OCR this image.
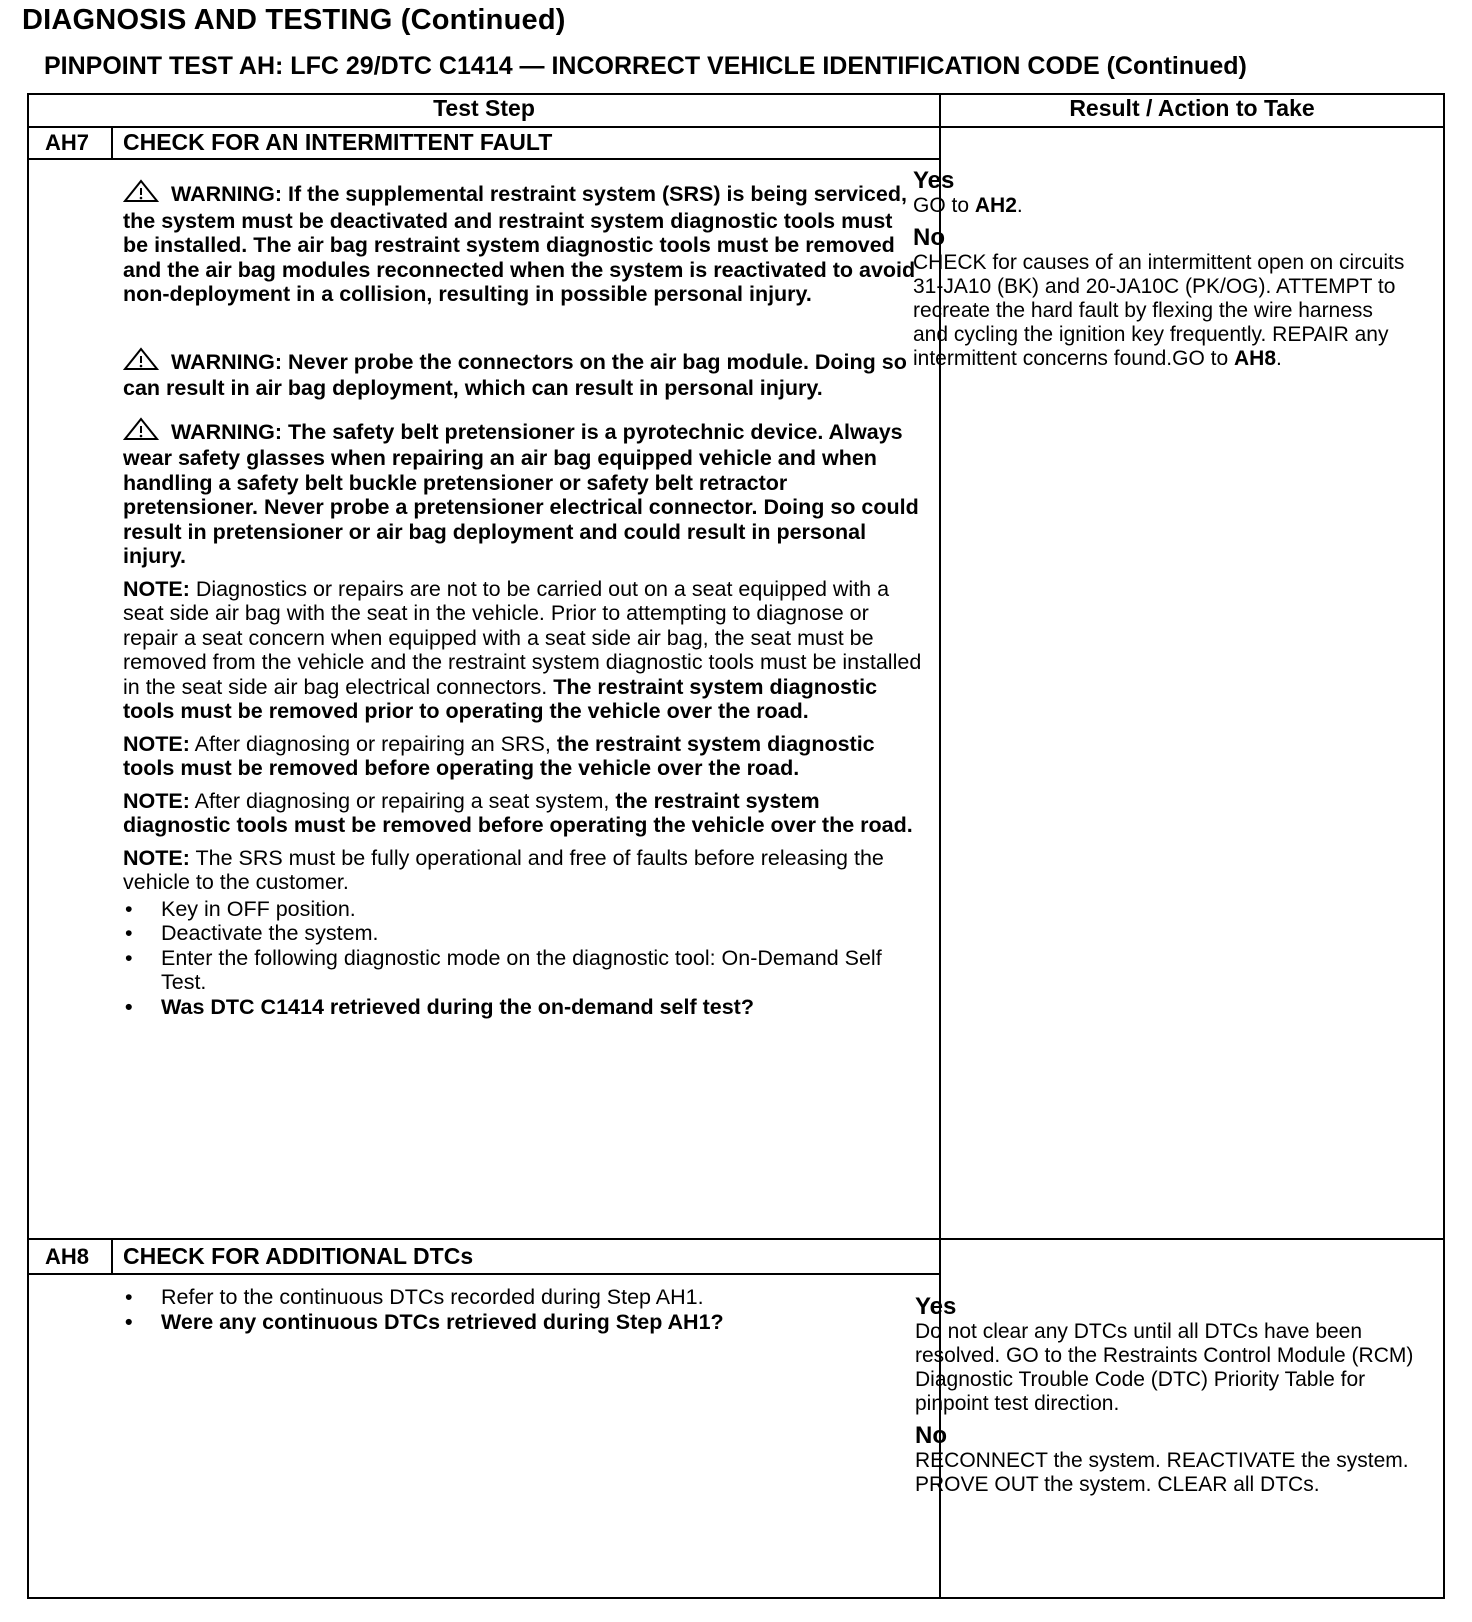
DIAGNOSIS AND TESTING (Continued)
PINPOINT TEST AH: LFC 29/DTC C1414 — INCORRECT VEHICLE IDENTIFICATION CODE (Continued)
Test Step	Result / Action to Take
AH7 CHECK FOR AN INTERMITTENT FAULT

WARNING: If the supplemental restraint system (SRS) is being serviced, the system must be deactivated and restraint system diagnostic tools must be installed. The air bag restraint system diagnostic tools must be removed and the air bag modules reconnected when the system is reactivated to avoid non-deployment in a collision, resulting in possible personal injury.

WARNING: Never probe the connectors on the air bag module. Doing so can result in air bag deployment, which can result in personal injury.

WARNING: The safety belt pretensioner is a pyrotechnic device. Always wear safety glasses when repairing an air bag equipped vehicle and when handling a safety belt buckle pretensioner or safety belt retractor pretensioner. Never probe a pretensioner electrical connector. Doing so could result in pretensioner or air bag deployment and could result in personal injury.

NOTE: Diagnostics or repairs are not to be carried out on a seat equipped with a seat side air bag with the seat in the vehicle. Prior to attempting to diagnose or repair a seat concern when equipped with a seat side air bag, the seat must be removed from the vehicle and the restraint system diagnostic tools must be installed in the seat side air bag electrical connectors. The restraint system diagnostic tools must be removed prior to operating the vehicle over the road.

NOTE: After diagnosing or repairing an SRS, the restraint system diagnostic tools must be removed before operating the vehicle over the road.

NOTE: After diagnosing or repairing a seat system, the restraint system diagnostic tools must be removed before operating the vehicle over the road.

NOTE: The SRS must be fully operational and free of faults before releasing the vehicle to the customer.

• Key in OFF position.
• Deactivate the system.
• Enter the following diagnostic mode on the diagnostic tool: On-Demand Self Test.
• Was DTC C1414 retrieved during the on-demand self test?
Yes
GO to AH2.
No
CHECK for causes of an intermittent open on circuits 31-JA10 (BK) and 20-JA10C (PK/OG). ATTEMPT to recreate the hard fault by flexing the wire harness and cycling the ignition key frequently. REPAIR any intermittent concerns found.GO to AH8.
AH8 CHECK FOR ADDITIONAL DTCs
• Refer to the continuous DTCs recorded during Step AH1.
• Were any continuous DTCs retrieved during Step AH1?
Yes
Do not clear any DTCs until all DTCs have been resolved. GO to the Restraints Control Module (RCM) Diagnostic Trouble Code (DTC) Priority Table for pinpoint test direction.
No
RECONNECT the system. REACTIVATE the system. PROVE OUT the system. CLEAR all DTCs.
